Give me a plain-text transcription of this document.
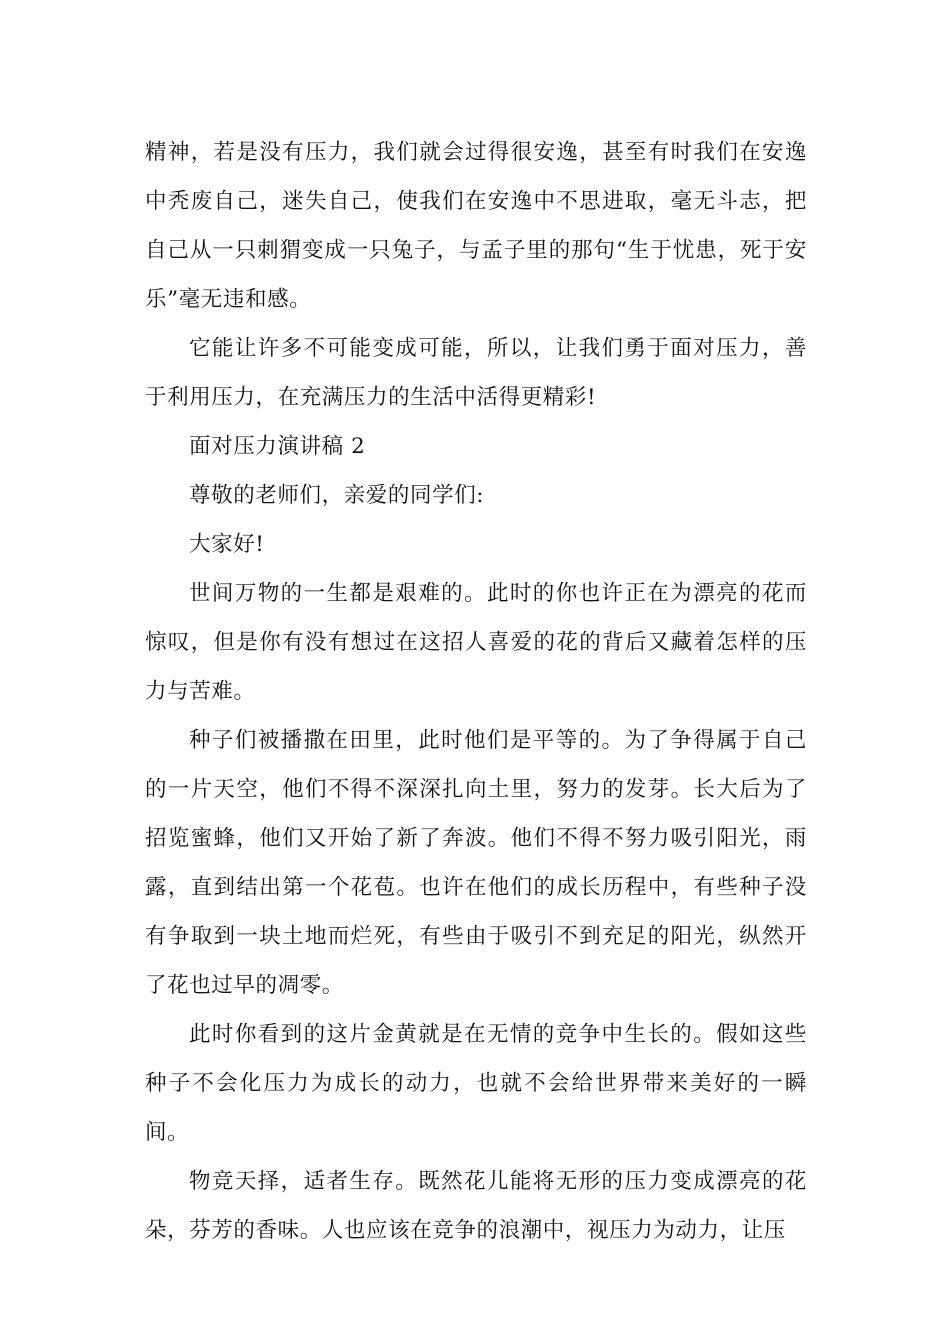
精神，若是没有压力，我们就会过得很安逸，甚至有时我们在安逸中秃废自己，迷失自己，使我们在安逸中不思进取，毫无斗志，把自己从一只刺猬变成一只兔子，与孟子里的那句“生于忧患，死于安乐”毫无违和感。

它能让许多不可能变成可能，所以，让我们勇于面对压力，善于利用压力，在充满压力的生活中活得更精彩!

面对压力演讲稿 2

尊敬的老师们，亲爱的同学们:

大家好!

世间万物的一生都是艰难的。此时的你也许正在为漂亮的花而惊叹，但是你有没有想过在这招人喜爱的花的背后又藏着怎样的压力与苦难。

种子们被播撒在田里，此时他们是平等的。为了争得属于自己的一片天空，他们不得不深深扎向土里，努力的发芽。长大后为了招览蜜蜂，他们又开始了新了奔波。他们不得不努力吸引阳光，雨露，直到结出第一个花苞。也许在他们的成长历程中，有些种子没有争取到一块土地而烂死，有些由于吸引不到充足的阳光，纵然开了花也过早的凋零。

此时你看到的这片金黄就是在无情的竞争中生长的。假如这些种子不会化压力为成长的动力，也就不会给世界带来美好的一瞬间。

物竞天择，适者生存。既然花儿能将无形的压力变成漂亮的花朵，芬芳的香味。人也应该在竞争的浪潮中，视压力为动力，让压
